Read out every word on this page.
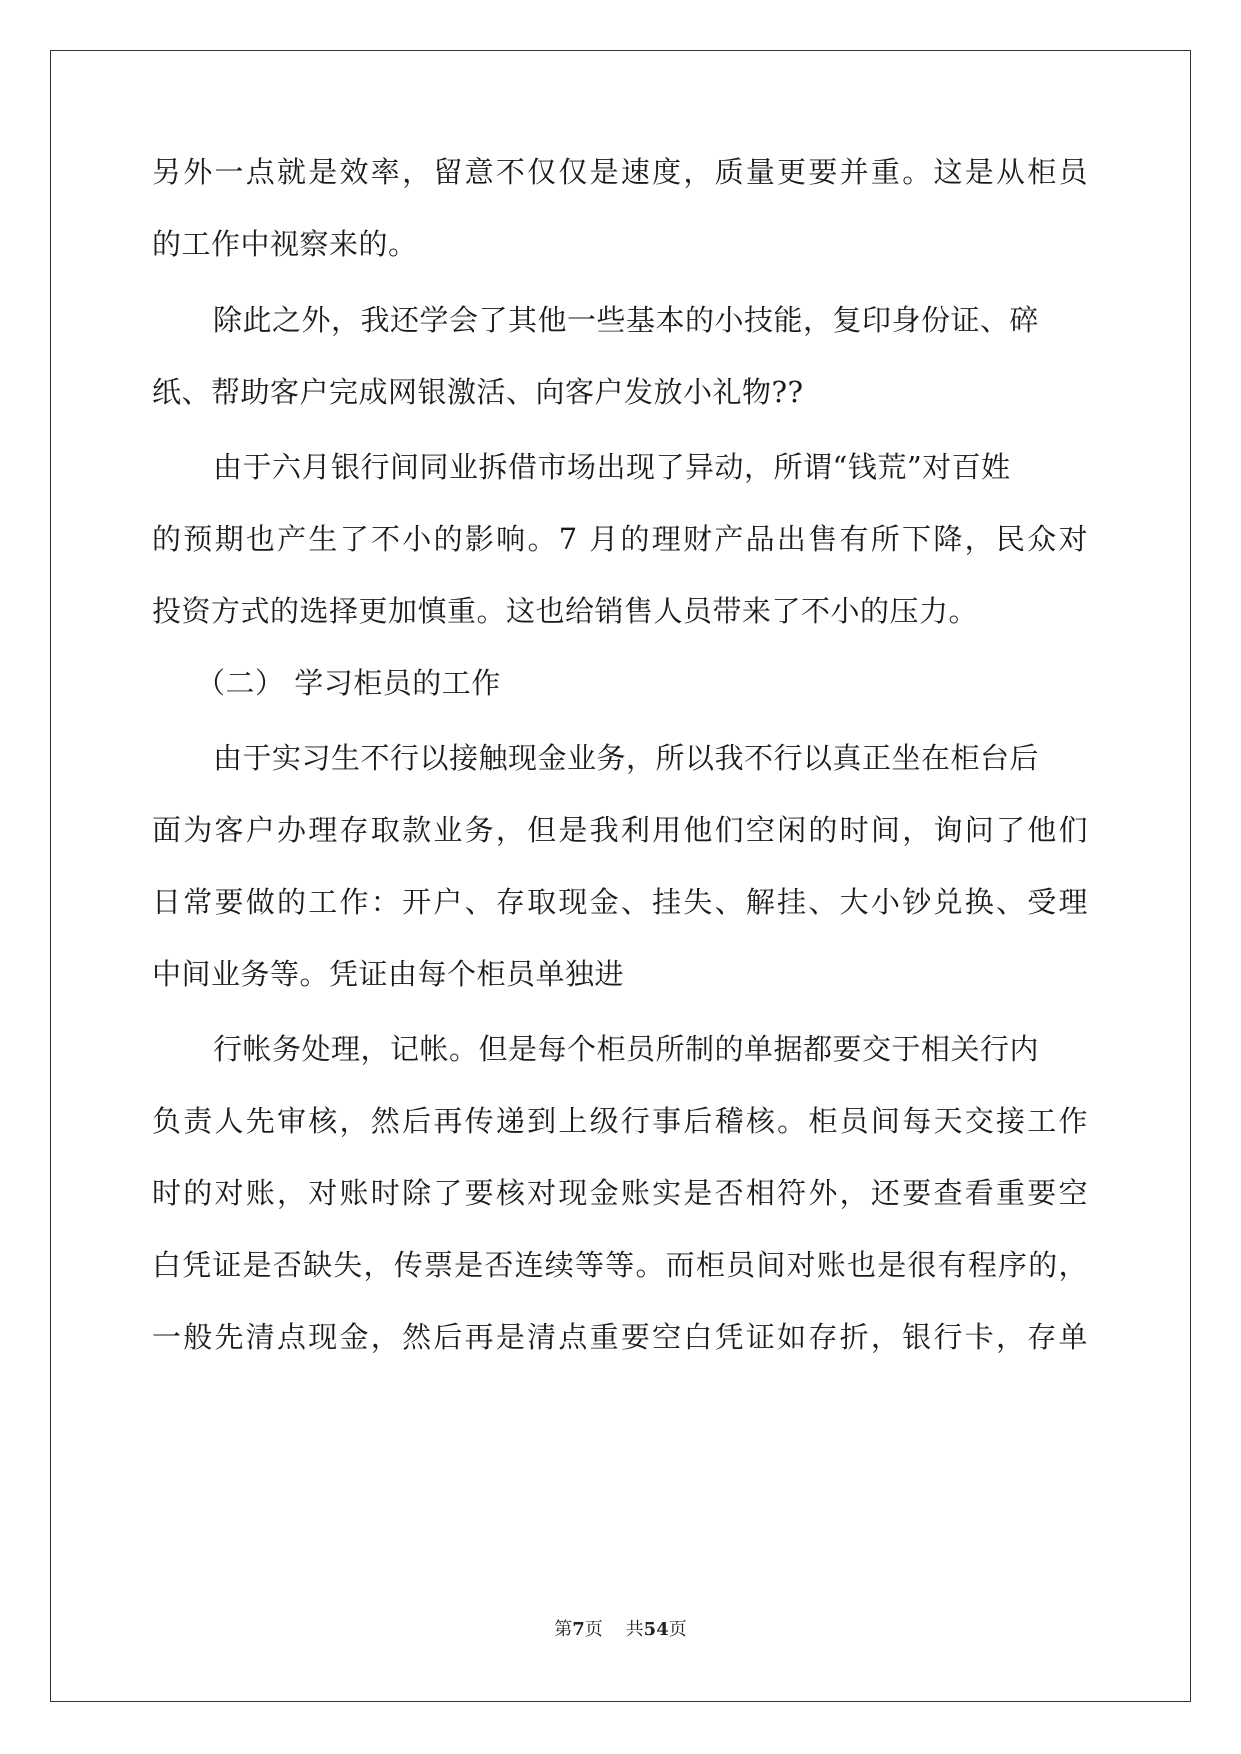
另外一点就是效率，留意不仅仅是速度，质量更要并重。这是从柜员
的工作中视察来的。
除此之外，我还学会了其他一些基本的小技能，复印身份证、碎
纸、帮助客户完成网银激活、向客户发放小礼物??
由于六月银行间同业拆借市场出现了异动，所谓“钱荒”对百姓
的预期也产生了不小的影响。7 月的理财产品出售有所下降，民众对
投资方式的选择更加慎重。这也给销售人员带来了不小的压力。
（二） 学习柜员的工作
由于实习生不行以接触现金业务，所以我不行以真正坐在柜台后
面为客户办理存取款业务，但是我利用他们空闲的时间，询问了他们
日常要做的工作：开户、存取现金、挂失、解挂、大小钞兑换、受理
中间业务等。凭证由每个柜员单独进
行帐务处理，记帐。但是每个柜员所制的单据都要交于相关行内
负责人先审核，然后再传递到上级行事后稽核。柜员间每天交接工作
时的对账，对账时除了要核对现金账实是否相符外，还要查看重要空
白凭证是否缺失，传票是否连续等等。而柜员间对账也是很有程序的，
一般先清点现金，然后再是清点重要空白凭证如存折，银行卡，存单
第7页 共54页
